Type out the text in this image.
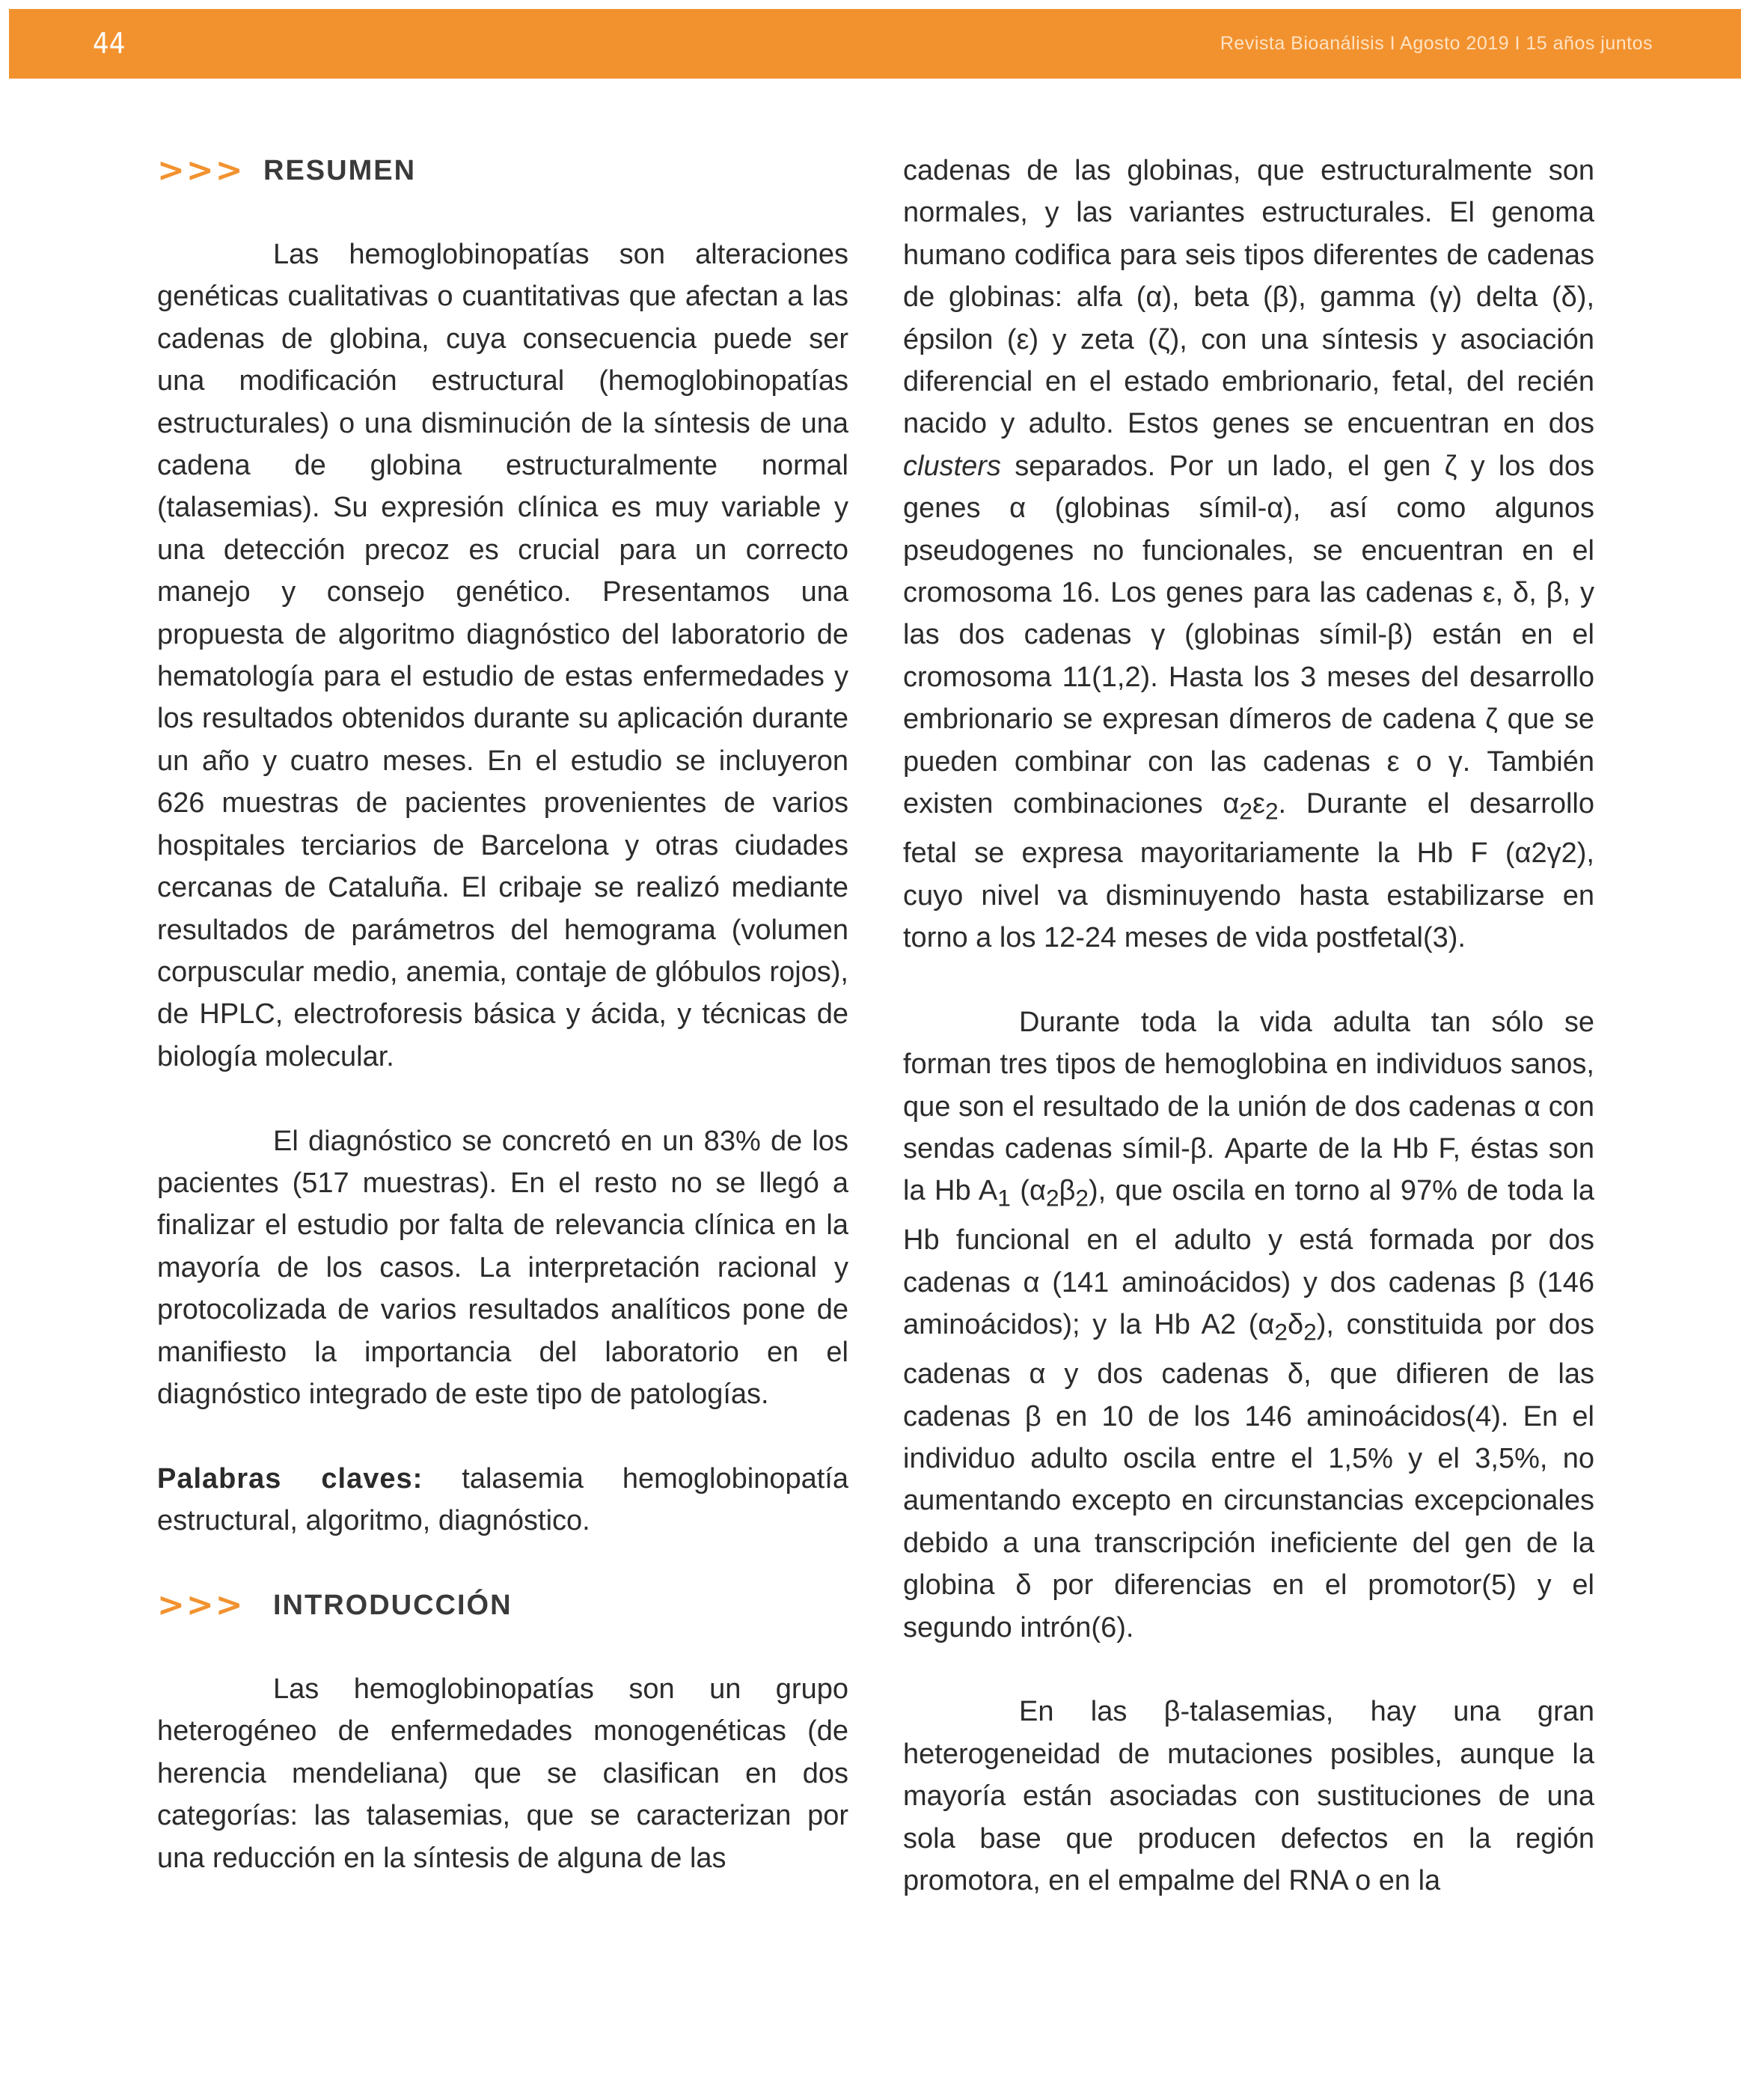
44	Revista Bioanálisis I Agosto 2019 I 15 años juntos
>>> RESUMEN

Las hemoglobinopatías son alteraciones genéticas cualitativas o cuantitativas que afectan a las cadenas de globina, cuya consecuencia puede ser una modificación estructural (hemoglobinopatías estructurales) o una disminución de la síntesis de una cadena de globina estructuralmente normal (talasemias). Su expresión clínica es muy variable y una detección precoz es crucial para un correcto manejo y consejo genético. Presentamos una propuesta de algoritmo diagnóstico del laboratorio de hematología para el estudio de estas enfermedades y los resultados obtenidos durante su aplicación durante un año y cuatro meses. En el estudio se incluyeron 626 muestras de pacientes provenientes de varios hospitales terciarios de Barcelona y otras ciudades cercanas de Cataluña. El cribaje se realizó mediante resultados de parámetros del hemograma (volumen corpuscular medio, anemia, contaje de glóbulos rojos), de HPLC, electroforesis básica y ácida, y técnicas de biología molecular.

El diagnóstico se concretó en un 83% de los pacientes (517 muestras). En el resto no se llegó a finalizar el estudio por falta de relevancia clínica en la mayoría de los casos. La interpretación racional y protocolizada de varios resultados analíticos pone de manifiesto la importancia del laboratorio en el diagnóstico integrado de este tipo de patologías.

Palabras claves: talasemia hemoglobinopatía estructural, algoritmo, diagnóstico.

>>>	INTRODUCCIÓN

Las hemoglobinopatías son un grupo heterogéneo de enfermedades monogenéticas (de herencia mendeliana) que se clasifican en dos categorías: las talasemias, que se caracterizan por una reducción en la síntesis de alguna de las

cadenas de las globinas, que estructuralmente son normales, y las variantes estructurales. El genoma humano codifica para seis tipos diferentes de cadenas de globinas: alfa (α), beta (β), gamma (γ) delta (δ), épsilon (ε) y zeta (ζ), con una síntesis y asociación diferencial en el estado embrionario, fetal, del recién nacido y adulto. Estos genes se encuentran en dos clusters separados. Por un lado, el gen ζ y los dos genes α (globinas símil-α), así como algunos pseudogenes no funcionales, se encuentran en el cromosoma 16. Los genes para las cadenas ε, δ, β, y las dos cadenas γ (globinas símil-β) están en el cromosoma 11(1,2). Hasta los 3 meses del desarrollo embrionario se expresan dímeros de cadena ζ que se pueden combinar con las cadenas ε o γ. También existen combinaciones $\alpha_2\varepsilon_2$. Durante el desarrollo fetal se expresa mayoritariamente la Hb F (α2γ2), cuyo nivel va disminuyendo hasta estabilizarse en torno a los 12-24 meses de vida postfetal(3).

Durante toda la vida adulta tan sólo se forman tres tipos de hemoglobina en individuos sanos, que son el resultado de la unión de dos cadenas α con sendas cadenas símil-β. Aparte de la Hb F, éstas son la Hb $A_1$ $(\alpha_2\beta_2)$, que oscila en torno al 97% de toda la Hb funcional en el adulto y está formada por dos cadenas α (141 aminoácidos) y dos cadenas β (146 aminoácidos); y la Hb A2 $(\alpha_2\delta_2)$, constituida por dos cadenas α y dos cadenas δ, que difieren de las cadenas β en 10 de los 146 aminoácidos(4). En el individuo adulto oscila entre el 1,5% y el 3,5%, no aumentando excepto en circunstancias excepcionales debido a una transcripción ineficiente del gen de la globina δ por diferencias en el promotor(5) y el segundo intrón(6).

En las β-talasemias, hay una gran heterogeneidad de mutaciones posibles, aunque la mayoría están asociadas con sustituciones de una sola base que producen defectos en la región promotora, en el empalme del RNA o en la
